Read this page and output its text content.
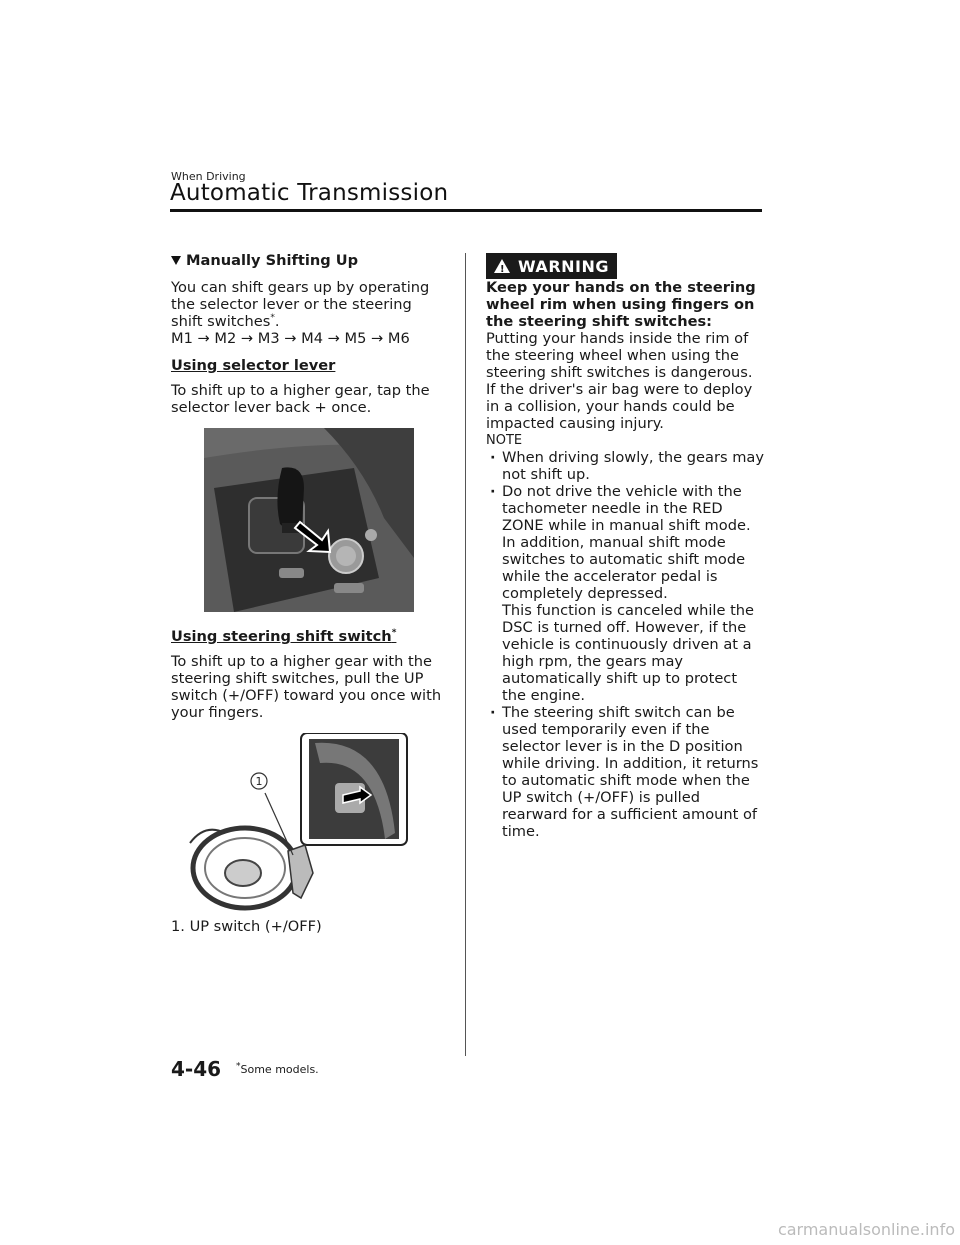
When Driving
Automatic Transmission
Manually Shifting Up

You can shift gears up by operating the selector lever or the steering shift switches*.

M1 → M2 → M3 → M4 → M5 → M6

Using selector lever

To shift up to a higher gear, tap the selector lever back + once.

Using steering shift switch*

To shift up to a higher gear with the steering shift switches, pull the UP switch (+/OFF) toward you once with your fingers.

1

1. UP switch (+/OFF)

! WARNING

Keep your hands on the steering wheel rim when using fingers on the steering shift switches:

Putting your hands inside the rim of the steering wheel when using the steering shift switches is dangerous. If the driver's air bag were to deploy in a collision, your hands could be impacted causing injury.

NOTE

· When driving slowly, the gears may not shift up.
· Do not drive the vehicle with the tachometer needle in the RED ZONE while in manual shift mode. In addition, manual shift mode switches to automatic shift mode while the accelerator pedal is completely depressed.
This function is canceled while the DSC is turned off. However, if the vehicle is continuously driven at a high rpm, the gears may automatically shift up to protect the engine.
· The steering shift switch can be used temporarily even if the selector lever is in the D position while driving. In addition, it returns to automatic shift mode when the UP switch (+/OFF) is pulled rearward for a sufficient amount of time.
4-46 *Some models.
carmanualsonline.info
